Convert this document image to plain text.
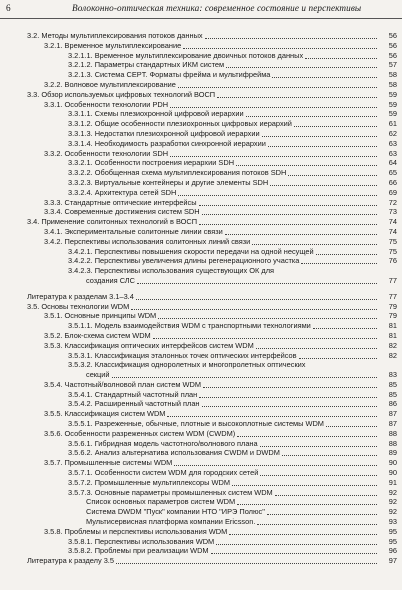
6	Волоконно-оптическая техника: современное состояние и перспективы
3.2. Методы мультиплексирования потоков данных	56
3.2.1. Временное мультиплексирование	56
3.2.1.1. Временное мультиплексирование двоичных потоков данных	56
3.2.1.2. Параметры стандартных ИКМ систем	57
3.2.1.3. Система CEPT. Форматы фрейма и мультифрейма	58
3.2.2. Волновое мультиплексирование	58
3.3. Обзор используемых цифровых технологий ВОСП	59
3.3.1. Особенности технологии PDH	59
3.3.1.1. Схемы плезиохронной цифровой иерархии	59
3.3.1.2. Общие особенности плезиохронных цифровых иерархий	61
3.3.1.3. Недостатки плезиохронной цифровой иерархии	62
3.3.1.4. Необходимость разработки синхронной иерархии	63
3.3.2. Особенности технологии SDH	63
3.3.2.1. Особенности построения иерархии SDH	64
3.3.2.2. Обобщенная схема мультиплексирования потоков SDH	65
3.3.2.3. Виртуальные контейнеры и другие элементы SDH	66
3.3.2.4. Архитектура сетей SDH	69
3.3.3. Стандартные оптические интерфейсы	72
3.3.4. Современные достижения систем SDH	73
3.4. Применение солитонных технологий в ВОСП	74
3.4.1. Экспериментальные солитонные линии связи	74
3.4.2. Перспективы использования солитонных линий связи	75
3.4.2.1. Перспективы повышения скорости передачи на одной несущей	75
3.4.2.2. Перспективы увеличения длины регенерационного участка	76
3.4.2.3. Перспективы использования существующих ОК для
создания СЛС	77
Литература к разделам 3.1–3.4	77
3.5. Основы технологии WDM	79
3.5.1. Основные принципы WDM	79
3.5.1.1. Модель взаимодействия WDM с транспортными технологиями	81
3.5.2. Блок-схема систем WDM	81
3.5.3. Классификация оптических интерфейсов систем WDM	82
3.5.3.1. Классификация эталонных точек оптических интерфейсов	82
3.5.3.2. Классификация одноролетных и многопролетных оптических
секций	83
3.5.4. Частотный/волновой план систем WDM	85
3.5.4.1. Стандартный частотный план	85
3.5.4.2. Расширенный частотный план	86
3.5.5. Классификация систем WDM	87
3.5.5.1. Разреженные, обычные, плотные и высокоплотные системы WDM	87
3.5.6. Особенности разреженных систем WDM (CWDM)	88
3.5.6.1. Гибридная модель частотного/волнового плана	88
3.5.6.2. Анализ альтернатива использования CWDM и DWDM	89
3.5.7. Промышленные системы WDM	90
3.5.7.1. Особенности систем WDM для городских сетей	90
3.5.7.2. Промышленные мультиплексоры WDM	91
3.5.7.3. Основные параметры промышленных систем WDM	92
Список основных параметров систем WDM	92
Система DWDM "Пуск" компании НТО "ИРЭ Полюс"	92
Мультисервисная платформа компании Ericsson.	93
3.5.8. Проблемы и перспективы использования WDM	95
3.5.8.1. Перспективы использования WDM	95
3.5.8.2. Проблемы при реализации WDM	96
Литература к разделу 3.5	97
